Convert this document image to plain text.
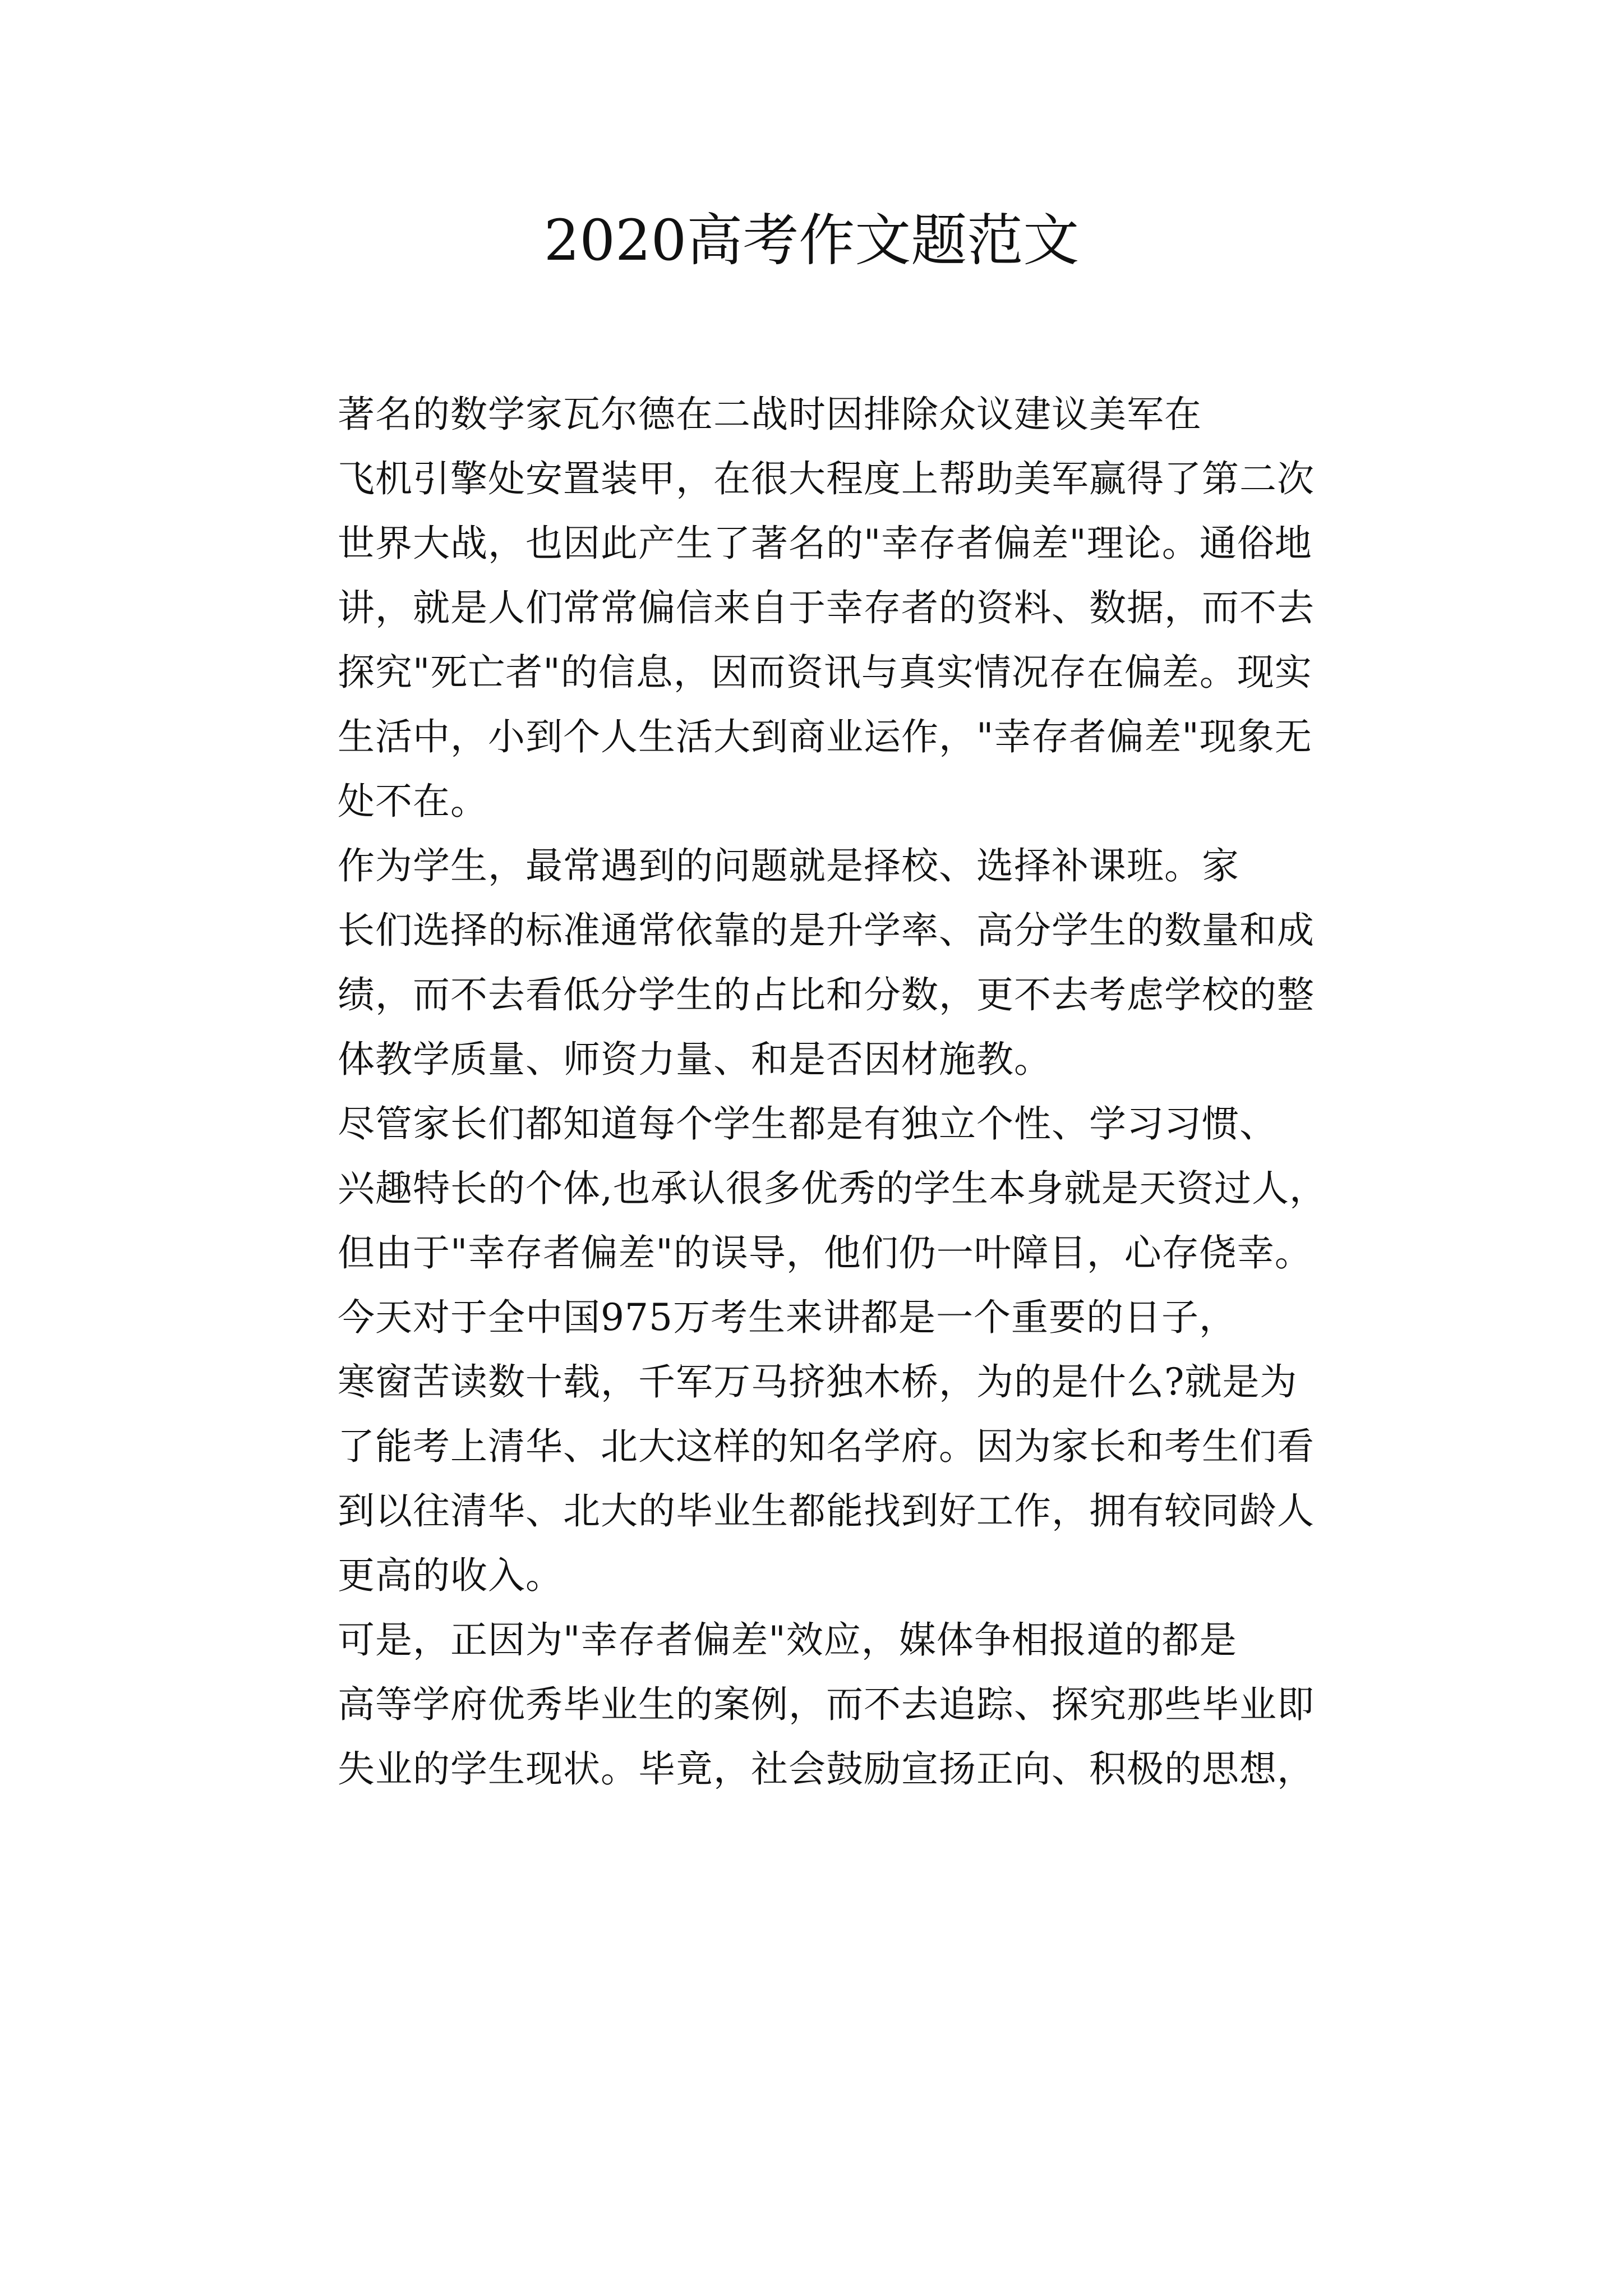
2020高考作文题范文

著名的数学家瓦尔德在二战时因排除众议建议美军在
飞机引擎处安置装甲，在很大程度上帮助美军赢得了第二次
世界大战，也因此产生了著名的"幸存者偏差"理论。通俗地
讲，就是人们常常偏信来自于幸存者的资料、数据，而不去
探究"死亡者"的信息，因而资讯与真实情况存在偏差。现实
生活中，小到个人生活大到商业运作，"幸存者偏差"现象无
处不在。

作为学生，最常遇到的问题就是择校、选择补课班。家
长们选择的标准通常依靠的是升学率、高分学生的数量和成
绩，而不去看低分学生的占比和分数，更不去考虑学校的整
体教学质量、师资力量、和是否因材施教。

尽管家长们都知道每个学生都是有独立个性、学习习惯、
兴趣特长的个体,也承认很多优秀的学生本身就是天资过人，
但由于"幸存者偏差"的误导，他们仍一叶障目，心存侥幸。

今天对于全中国975万考生来讲都是一个重要的日子，
寒窗苦读数十载，千军万马挤独木桥，为的是什么?就是为
了能考上清华、北大这样的知名学府。因为家长和考生们看
到以往清华、北大的毕业生都能找到好工作，拥有较同龄人
更高的收入。

可是，正因为"幸存者偏差"效应，媒体争相报道的都是
高等学府优秀毕业生的案例，而不去追踪、探究那些毕业即
失业的学生现状。毕竟，社会鼓励宣扬正向、积极的思想，
